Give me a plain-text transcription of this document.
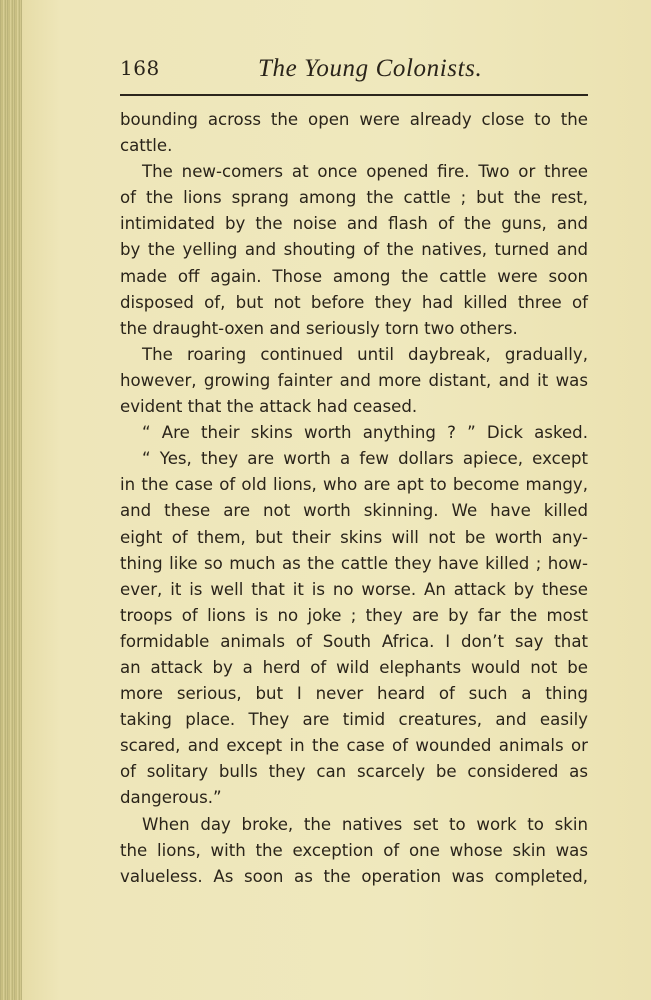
168	The Young Colonists.
bounding across the open were already close to the
cattle.
The new-comers at once opened fire. Two or three
of the lions sprang among the cattle ; but the rest,
intimidated by the noise and flash of the guns, and
by the yelling and shouting of the natives, turned and
made off again. Those among the cattle were soon
disposed of, but not before they had killed three of
the draught-oxen and seriously torn two others.
The roaring continued until daybreak, gradually,
however, growing fainter and more distant, and it was
evident that the attack had ceased.
“ Are their skins worth anything ? ” Dick asked.
“ Yes, they are worth a few dollars apiece, except
in the case of old lions, who are apt to become mangy,
and these are not worth skinning. We have killed
eight of them, but their skins will not be worth any-
thing like so much as the cattle they have killed ; how-
ever, it is well that it is no worse. An attack by these
troops of lions is no joke ; they are by far the most
formidable animals of South Africa. I don’t say that
an attack by a herd of wild elephants would not be
more serious, but I never heard of such a thing
taking place. They are timid creatures, and easily
scared, and except in the case of wounded animals or
of solitary bulls they can scarcely be considered as
dangerous.”
When day broke, the natives set to work to skin
the lions, with the exception of one whose skin was
valueless. As soon as the operation was completed,
